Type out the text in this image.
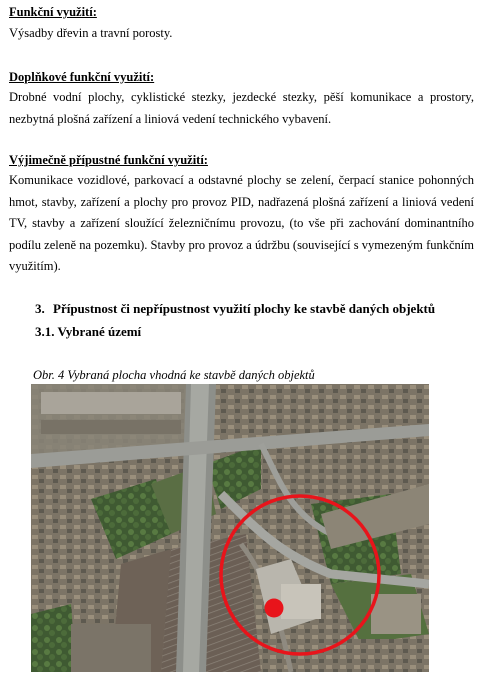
Funkční využití:
Výsadby dřevin a travní porosty.
Doplňkové funkční využití:
Drobné vodní plochy, cyklistické stezky, jezdecké stezky, pěší komunikace a prostory,
nezbytná plošná zařízení a liniová vedení technického vybavení.
Výjimečně přípustné funkční využití:
Komunikace vozidlové, parkovací a odstavné plochy se zelení, čerpací stanice pohonných
hmot, stavby, zařízení a plochy pro provoz PID, nadřazená plošná zařízení a liniová vedení
TV, stavby a zařízení sloužící železničnímu provozu, (to vše při zachování dominantního
podílu zeleně na pozemku). Stavby pro provoz a údržbu (související s vymezeným funkčním
využitím).
3. Přípustnost či nepřípustnost využití plochy ke stavbě daných objektů
3.1. Vybrané území
Obr. 4 Vybraná plocha vhodná ke stavbě daných objektů
